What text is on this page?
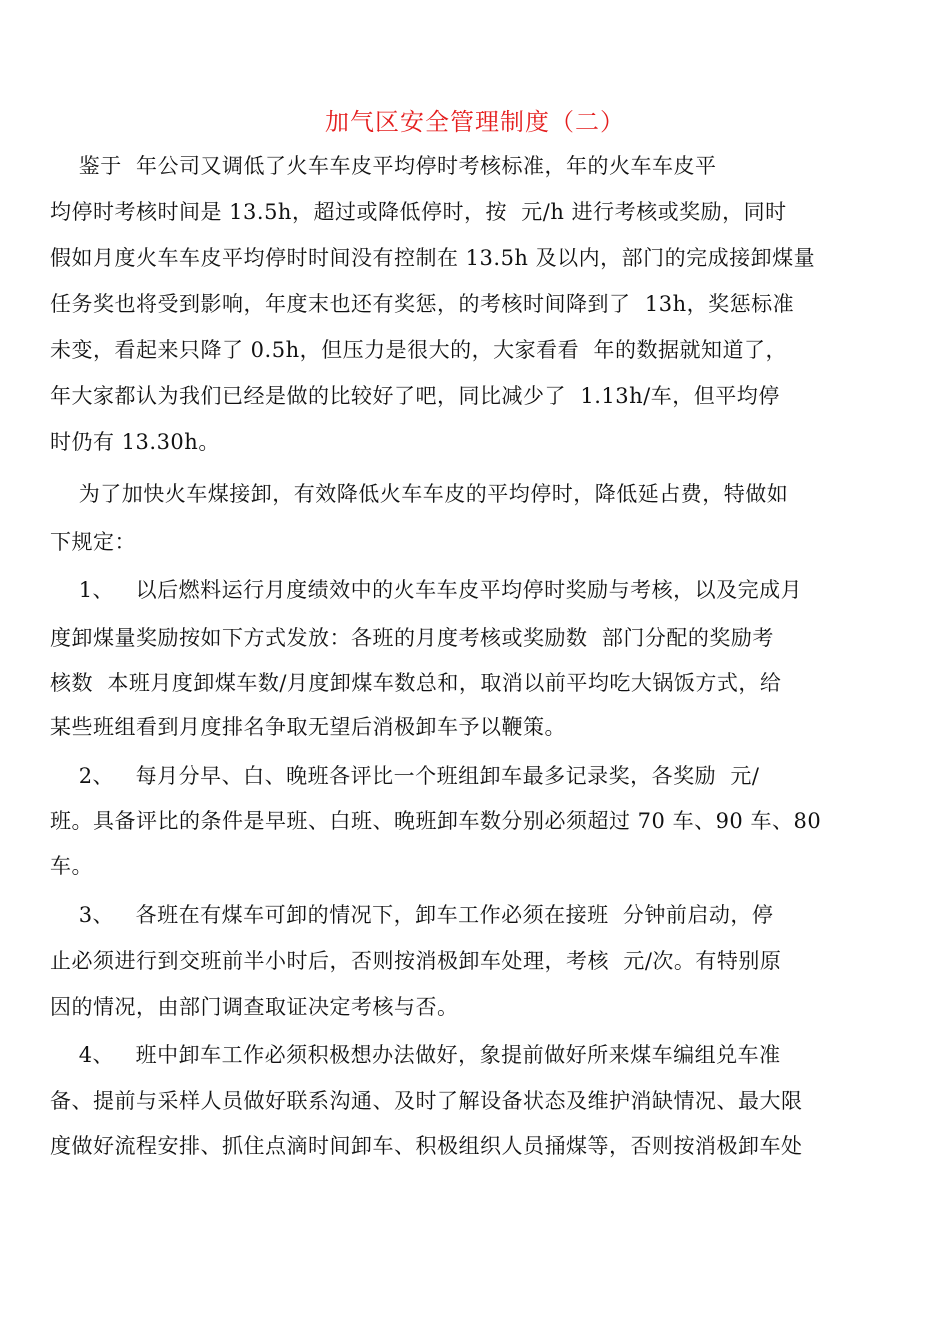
加气区安全管理制度（二）
鉴于  年公司又调低了火车车皮平均停时考核标准，年的火车车皮平
均停时考核时间是 13.5h，超过或降低停时，按  元/h 进行考核或奖励，同时
假如月度火车车皮平均停时时间没有控制在 13.5h 及以内，部门的完成接卸煤量
任务奖也将受到影响，年度末也还有奖惩，的考核时间降到了  13h，奖惩标准
未变，看起来只降了 0.5h，但压力是很大的，大家看看  年的数据就知道了，
年大家都认为我们已经是做的比较好了吧，同比减少了  1.13h/车，但平均停
时仍有 13.30h。
为了加快火车煤接卸，有效降低火车车皮的平均停时，降低延占费，特做如
下规定：
1、   以后燃料运行月度绩效中的火车车皮平均停时奖励与考核，以及完成月
度卸煤量奖励按如下方式发放：各班的月度考核或奖励数  部门分配的奖励考
核数  本班月度卸煤车数/月度卸煤车数总和，取消以前平均吃大锅饭方式，给
某些班组看到月度排名争取无望后消极卸车予以鞭策。
2、   每月分早、白、晚班各评比一个班组卸车最多记录奖，各奖励  元/
班。具备评比的条件是早班、白班、晚班卸车数分别必须超过 70 车、90 车、80
车。
3、   各班在有煤车可卸的情况下，卸车工作必须在接班  分钟前启动，停
止必须进行到交班前半小时后，否则按消极卸车处理，考核  元/次。有特别原
因的情况，由部门调查取证决定考核与否。
4、   班中卸车工作必须积极想办法做好，象提前做好所来煤车编组兑车准
备、提前与采样人员做好联系沟通、及时了解设备状态及维护消缺情况、最大限
度做好流程安排、抓住点滴时间卸车、积极组织人员捅煤等，否则按消极卸车处
